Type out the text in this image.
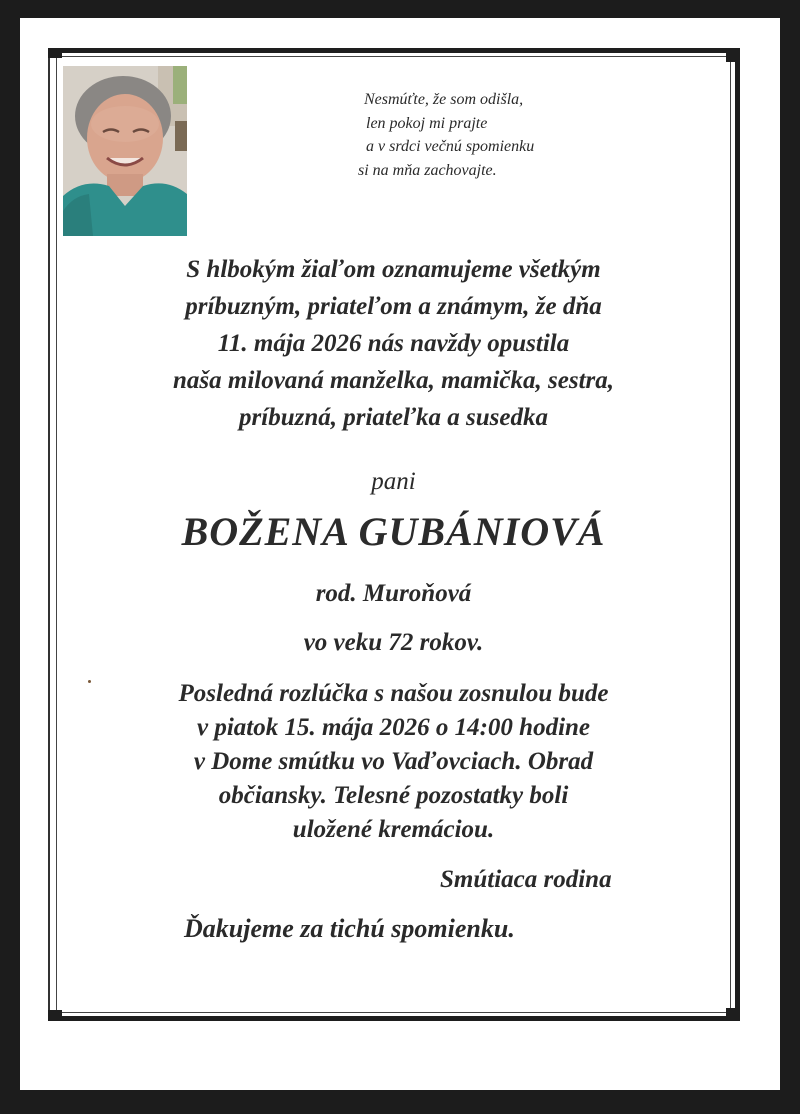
Nesmúťte, že som odišla,
len pokoj mi prajte
a v srdci večnú spomienku
si na mňa zachovajte.
S hlbokým žiaľom oznamujeme všetkým
príbuzným, priateľom a známym, že dňa
11. mája 2026 nás navždy opustila
naša milovaná manželka, mamička, sestra,
príbuzná, priateľka a susedka
pani
BOŽENA GUBÁNIOVÁ
rod. Muroňová
vo veku 72 rokov.
Posledná rozlúčka s našou zosnulou bude
v piatok 15. mája 2026 o 14:00 hodine
v Dome smútku vo Vaďovciach. Obrad
občiansky. Telesné pozostatky boli
uložené kremáciou.
Smútiaca rodina
Ďakujeme za tichú spomienku.
